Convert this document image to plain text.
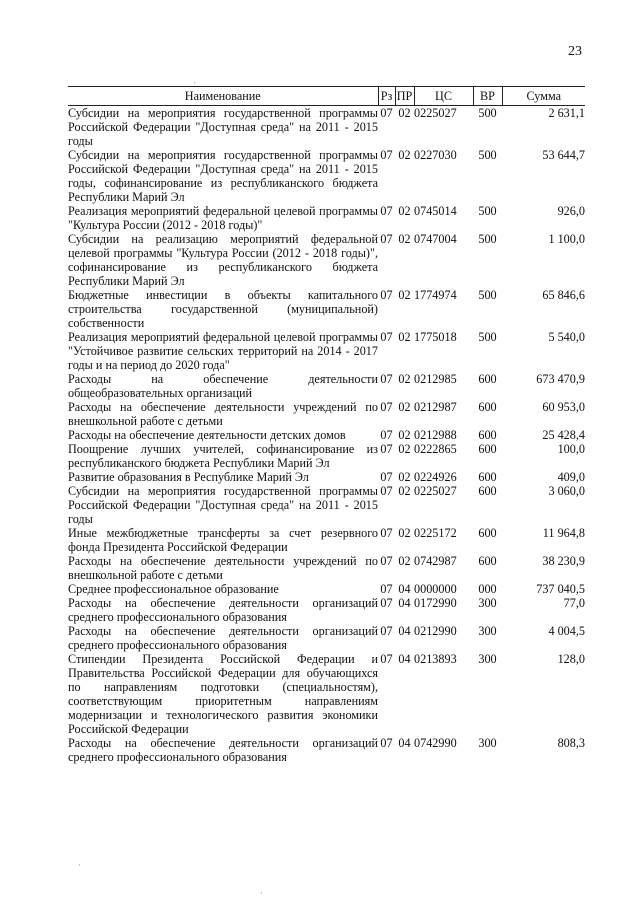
23
Наименование	Рз	ПР	ЦС	ВР	Сумма
Субсидии на мероприятия государственной программы Российской Федерации "Доступная среда" на 2011 - 2015 годы	07	02	0225027	500	2 631,1
Субсидии на мероприятия государственной программы Российской Федерации "Доступная среда" на 2011 - 2015 годы, софинансирование из республиканского бюджета Республики Марий Эл	07	02	0227030	500	53 644,7
Реализация мероприятий федеральной целевой программы "Культура России (2012 - 2018 годы)"	07	02	0745014	500	926,0
Субсидии на реализацию мероприятий федеральной целевой программы "Культура России (2012 - 2018 годы)", софинансирование из республиканского бюджета Республики Марий Эл	07	02	0747004	500	1 100,0
Бюджетные инвестиции в объекты капитального строительства государственной (муниципальной) собственности	07	02	1774974	500	65 846,6
Реализация мероприятий федеральной целевой программы "Устойчивое развитие сельских территорий на 2014 - 2017 годы и на период до 2020 года"	07	02	1775018	500	5 540,0
Расходы на обеспечение деятельности общеобразовательных организаций	07	02	0212985	600	673 470,9
Расходы на обеспечение деятельности учреждений по внешкольной работе с детьми	07	02	0212987	600	60 953,0
Расходы на обеспечение деятельности детских домов	07	02	0212988	600	25 428,4
Поощрение лучших учителей, софинансирование из республиканского бюджета Республики Марий Эл	07	02	0222865	600	100,0
Развитие образования в Республике Марий Эл	07	02	0224926	600	409,0
Субсидии на мероприятия государственной программы Российской Федерации "Доступная среда" на 2011 - 2015 годы	07	02	0225027	600	3 060,0
Иные межбюджетные трансферты за счет резервного фонда Президента Российской Федерации	07	02	0225172	600	11 964,8
Расходы на обеспечение деятельности учреждений по внешкольной работе с детьми	07	02	0742987	600	38 230,9
Среднее профессиональное образование	07	04	0000000	000	737 040,5
Расходы на обеспечение деятельности организаций среднего профессионального образования	07	04	0172990	300	77,0
Расходы на обеспечение деятельности организаций среднего профессионального образования	07	04	0212990	300	4 004,5
Стипендии Президента Российской Федерации и Правительства Российской Федерации для обучающихся по направлениям подготовки (специальностям), соответствующим приоритетным направлениям модернизации и технологического развития экономики Российской Федерации	07	04	0213893	300	128,0
Расходы на обеспечение деятельности организаций среднего профессионального образования	07	04	0742990	300	808,3
·
·
·
